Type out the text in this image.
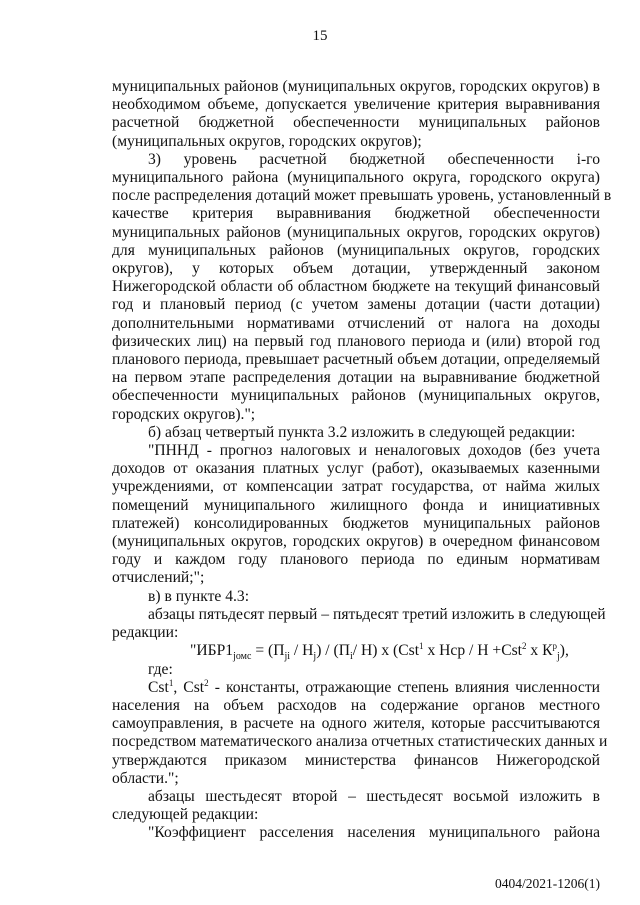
15
муниципальных районов (муниципальных округов, городских округов) в
необходимом объеме, допускается увеличение критерия выравнивания
расчетной бюджетной обеспеченности муниципальных районов
(муниципальных округов, городских округов);
3) уровень расчетной бюджетной обеспеченности i-го
муниципального района (муниципального округа, городского округа)
после распределения дотаций может превышать уровень, установленный в
качестве критерия выравнивания бюджетной обеспеченности
муниципальных районов (муниципальных округов, городских округов)
для муниципальных районов (муниципальных округов, городских
округов), у которых объем дотации, утвержденный законом
Нижегородской области об областном бюджете на текущий финансовый
год и плановый период (с учетом замены дотации (части дотации)
дополнительными нормативами отчислений от налога на доходы
физических лиц) на первый год планового периода и (или) второй год
планового периода, превышает расчетный объем дотации, определяемый
на первом этапе распределения дотации на выравнивание бюджетной
обеспеченности муниципальных районов (муниципальных округов,
городских округов).";
б) абзац четвертый пункта 3.2 изложить в следующей редакции:
"ПННД - прогноз налоговых и неналоговых доходов (без учета
доходов от оказания платных услуг (работ), оказываемых казенными
учреждениями, от компенсации затрат государства, от найма жилых
помещений муниципального жилищного фонда и инициативных
платежей) консолидированных бюджетов муниципальных районов
(муниципальных округов, городских округов) в очередном финансовом
году и каждом году планового периода по единым нормативам
отчислений;";
в) в пункте 4.3:
абзацы пятьдесят первый – пятьдесят третий изложить в следующей
редакции:
"$ИБР1_{jомс} = (П_{ji} / Н_j) / (П_i/$ Н) х (Cst$^1$ х Нср / Н +Cst$^2$ х $К^р_j$),
где:
Cst$^1$, Cst$^2$ - константы, отражающие степень влияния численности
населения на объем расходов на содержание органов местного
самоуправления, в расчете на одного жителя, которые рассчитываются
посредством математического анализа отчетных статистических данных и
утверждаются приказом министерства финансов Нижегородской
области.";
абзацы шестьдесят второй – шестьдесят восьмой изложить в
следующей редакции:
"Коэффициент расселения населения муниципального района
0404/2021-1206(1)
